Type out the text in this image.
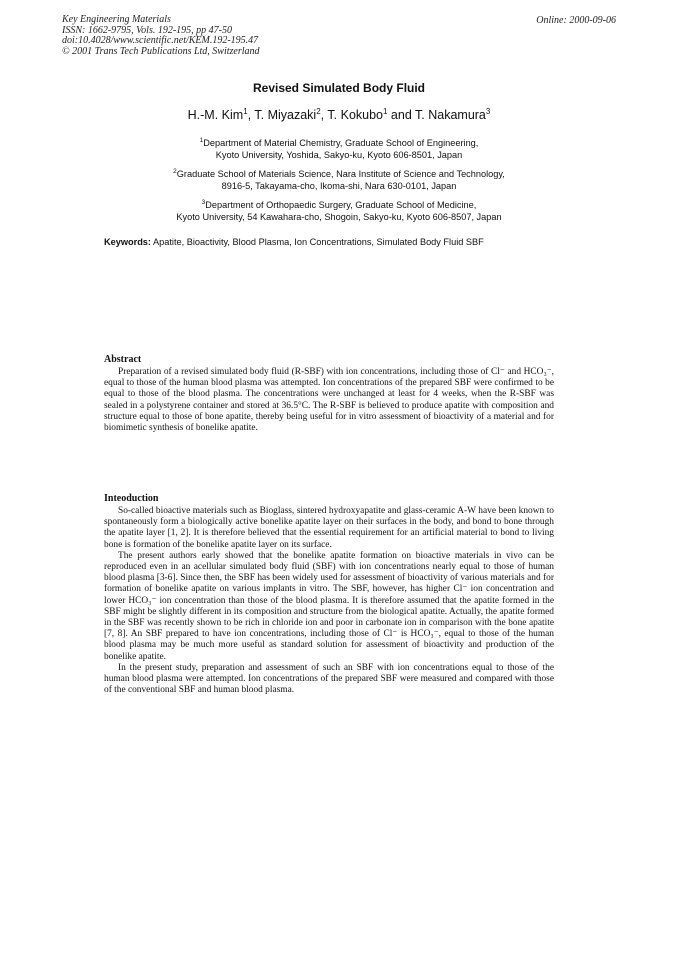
Key Engineering Materials
ISSN: 1662-9795, Vols. 192-195, pp 47-50
doi:10.4028/www.scientific.net/KEM.192-195.47
© 2001 Trans Tech Publications Ltd, Switzerland
Online: 2000-09-06
Revised Simulated Body Fluid
H.-M. Kim$^1$, T. Miyazaki$^2$, T. Kokubo$^1$ and T. Nakamura$^3$
$^1$Department of Material Chemistry, Graduate School of Engineering,
Kyoto University, Yoshida, Sakyo-ku, Kyoto 606-8501, Japan
$^2$Graduate School of Materials Science, Nara Institute of Science and Technology,
8916-5, Takayama-cho, Ikoma-shi, Nara 630-0101, Japan
$^3$Department of Orthopaedic Surgery, Graduate School of Medicine,
Kyoto University, 54 Kawahara-cho, Shogoin, Sakyo-ku, Kyoto 606-8507, Japan
Keywords: Apatite, Bioactivity, Blood Plasma, Ion Concentrations, Simulated Body Fluid SBF
Abstract

Preparation of a revised simulated body fluid (R-SBF) with ion concentrations, including those of Cl⁻ and HCO₃⁻, equal to those of the human blood plasma was attempted. Ion concentrations of the prepared SBF were confirmed to be equal to those of the blood plasma. The concentrations were unchanged at least for 4 weeks, when the R-SBF was sealed in a polystyrene container and stored at 36.5°C. The R-SBF is believed to produce apatite with composition and structure equal to those of bone apatite, thereby being useful for in vitro assessment of bioactivity of a material and for biomimetic synthesis of bonelike apatite.

Inteoduction

So-called bioactive materials such as Bioglass, sintered hydroxyapatite and glass-ceramic A-W have been known to spontaneously form a biologically active bonelike apatite layer on their surfaces in the body, and bond to bone through the apatite layer [1, 2]. It is therefore believed that the essential requirement for an artificial material to bond to living bone is formation of the bonelike apatite layer on its surface.

The present authors early showed that the bonelike apatite formation on bioactive materials in vivo can be reproduced even in an acellular simulated body fluid (SBF) with ion concentrations nearly equal to those of human blood plasma [3-6]. Since then, the SBF has been widely used for assessment of bioactivity of various materials and for formation of bonelike apatite on various implants in vitro. The SBF, however, has higher Cl⁻ ion concentration and lower HCO₃⁻ ion concentration than those of the blood plasma. It is therefore assumed that the apatite formed in the SBF might be slightly different in its composition and structure from the biological apatite. Actually, the apatite formed in the SBF was recently shown to be rich in chloride ion and poor in carbonate ion in comparison with the bone apatite [7, 8]. An SBF prepared to have ion concentrations, including those of Cl⁻ is HCO₃⁻, equal to those of the human blood plasma may be much more useful as standard solution for assessment of bioactivity and production of the bonelike apatite.

In the present study, preparation and assessment of such an SBF with ion concentrations equal to those of the human blood plasma were attempted. Ion concentrations of the prepared SBF were measured and compared with those of the conventional SBF and human blood plasma.
